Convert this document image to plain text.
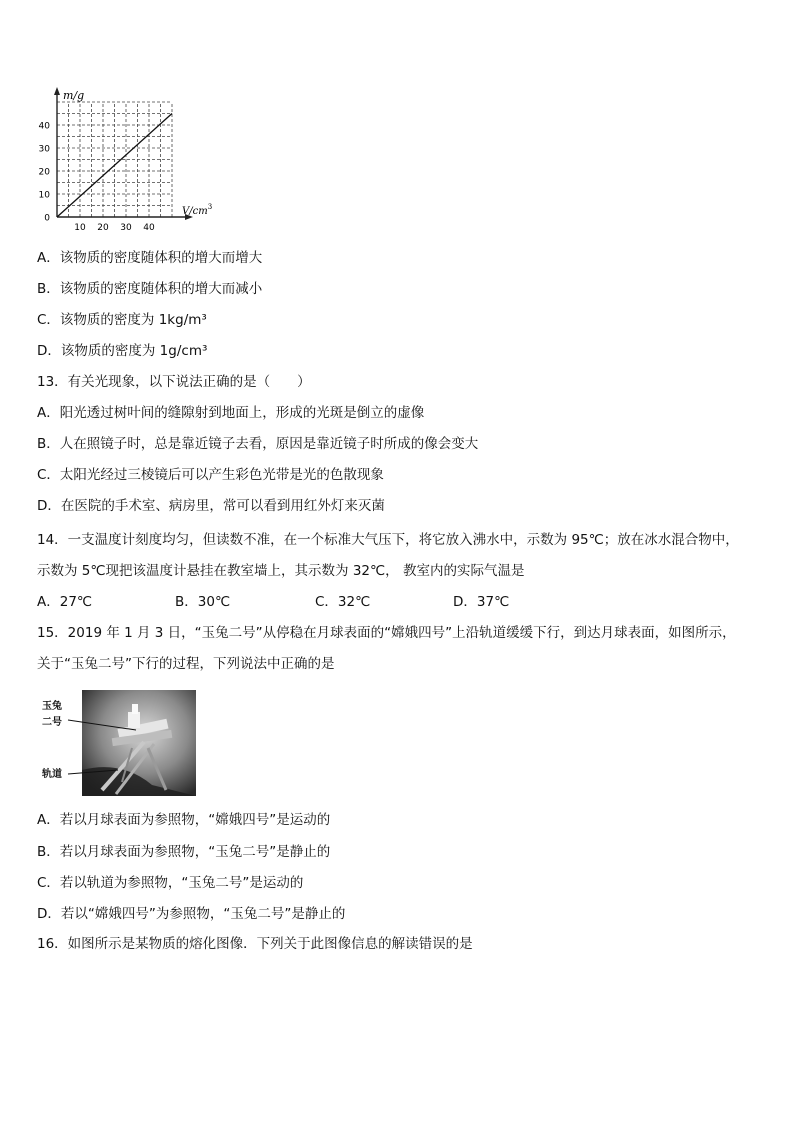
m/g
$V/cm^3$
0
10
20
30
40
10 20 30 40
A．该物质的密度随体积的增大而增大
B．该物质的密度随体积的增大而减小
C．该物质的密度为 1kg/m³
D．该物质的密度为 1g/cm³
13．有关光现象，以下说法正确的是（　　）
A．阳光透过树叶间的缝隙射到地面上，形成的光斑是倒立的虚像
B．人在照镜子时，总是靠近镜子去看，原因是靠近镜子时所成的像会变大
C．太阳光经过三棱镜后可以产生彩色光带是光的色散现象
D．在医院的手术室、病房里，常可以看到用红外灯来灭菌
14．一支温度计刻度均匀，但读数不准，在一个标准大气压下，将它放入沸水中，示数为 95℃；放在冰水混合物中，
示数为 5℃现把该温度计悬挂在教室墙上，其示数为 32℃， 教室内的实际气温是
A．27℃	B．30℃	C．32℃	D．37℃
15．2019 年 1 月 3 日，“玉兔二号”从停稳在月球表面的“嫦娥四号”上沿轨道缓缓下行，到达月球表面，如图所示，
关于“玉兔二号”下行的过程，下列说法中正确的是
玉兔
二号
轨道
A．若以月球表面为参照物，“嫦娥四号”是运动的
B．若以月球表面为参照物，“玉兔二号”是静止的
C．若以轨道为参照物，“玉兔二号”是运动的
D．若以“嫦娥四号”为参照物，“玉兔二号”是静止的
16．如图所示是某物质的熔化图像．下列关于此图像信息的解读错误的是
